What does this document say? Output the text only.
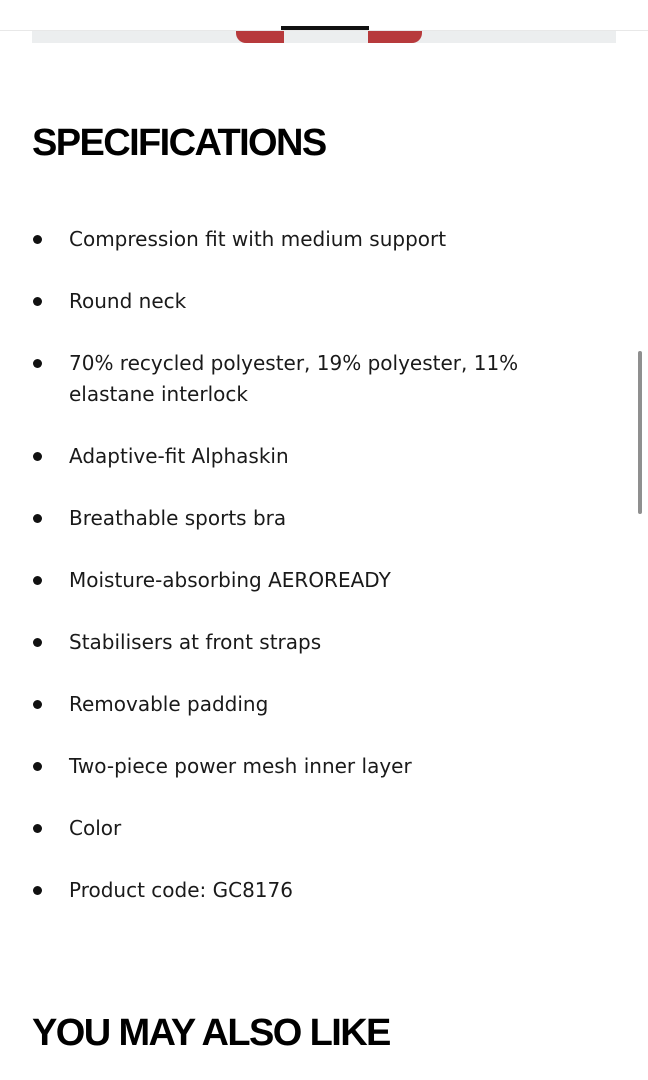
SPECIFICATIONS
Compression fit with medium support
Round neck
70% recycled polyester, 19% polyester, 11% elastane interlock
Adaptive-fit Alphaskin
Breathable sports bra
Moisture-absorbing AEROREADY
Stabilisers at front straps
Removable padding
Two-piece power mesh inner layer
Color
Product code: GC8176
YOU MAY ALSO LIKE
